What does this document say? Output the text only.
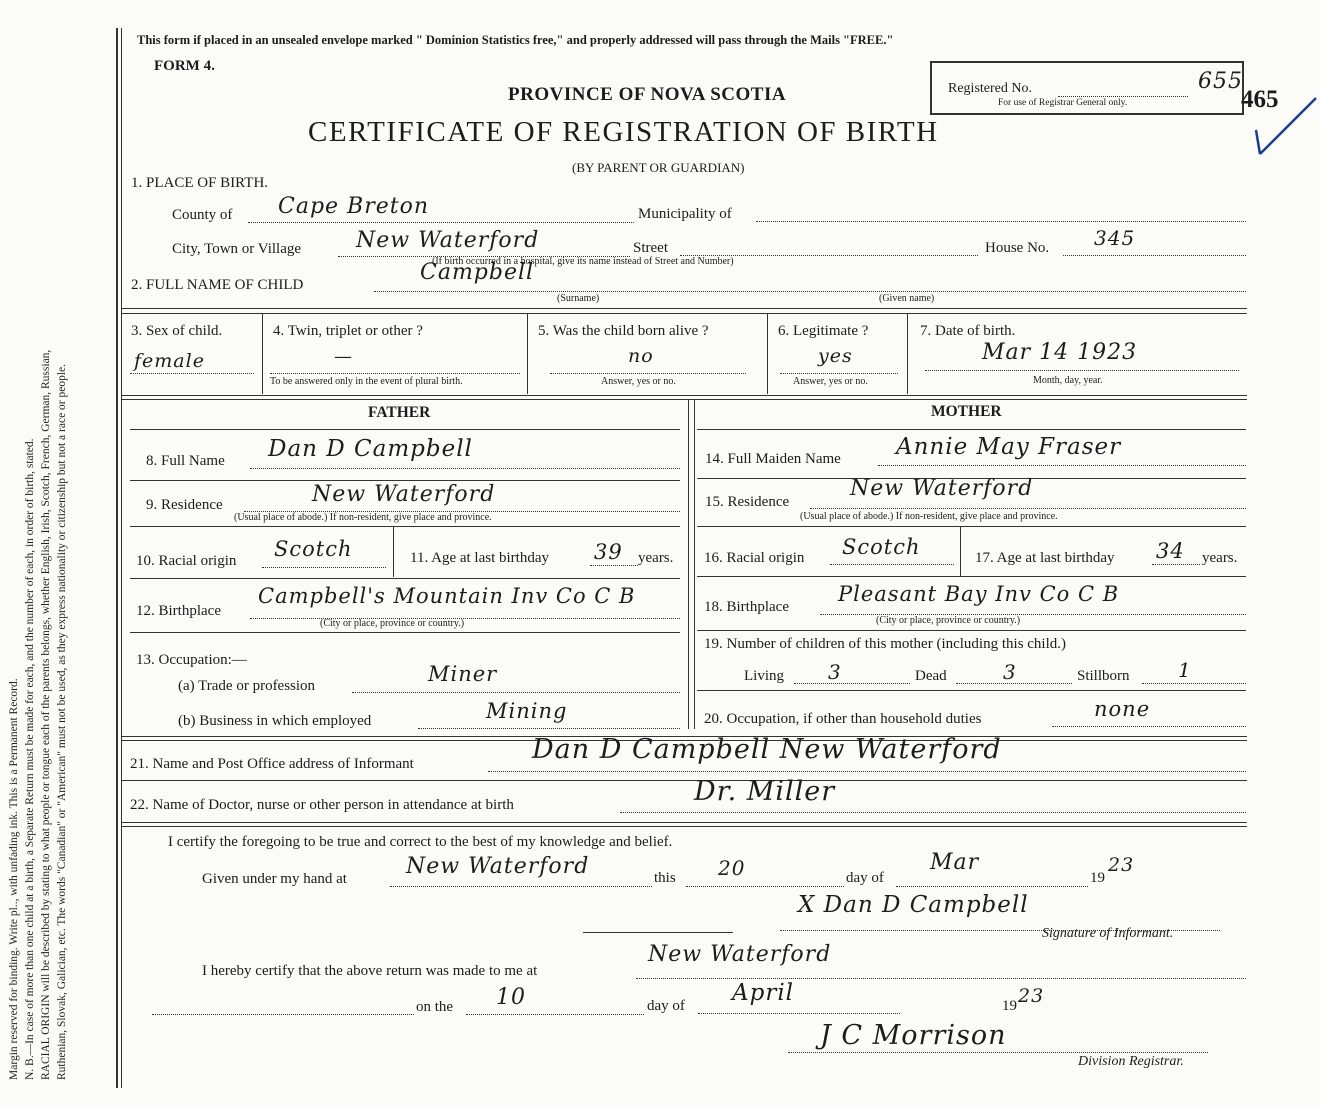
Margin reserved for binding. Write pl.., with unfading ink. This is a Permanent Record. N. B.—In case of more than one child at a birth, a Separate Return must be made for each, and the number of each, in order of birth, stated. RACIAL ORIGIN will be described by stating to what people or tongue each of the parents belongs, whether English, Irish, Scotch, French, German, Russian, Ruthenian, Slovak, Galician, etc. The words "Canadian" or "American" must not be used, as they express nationality or citizenship but not a race or people.
This form if placed in an unsealed envelope marked " Dominion Statistics free," and properly addressed will pass through the Mails "FREE."
FORM 4.
PROVINCE OF NOVA SCOTIA
CERTIFICATE OF REGISTRATION OF BIRTH
(BY PARENT OR GUARDIAN)
Registered No.
For use of Registrar General only.
655
465
1. PLACE OF BIRTH.
County of Cape Breton	Municipality of
City, Town or Village New Waterford	Street
(If birth occurred in a hospital, give its name instead of Street and Number)
House No. 345
2. FULL NAME OF CHILD	Campbell
(Surname)	(Given name)
3. Sex of child.
female
4. Twin, triplet or other ?
—
To be answered only in the event of plural birth.
5. Was the child born alive ?
no
Answer, yes or no.
6. Legitimate ?
yes
Answer, yes or no.
7. Date of birth.
Mar 14 1923
Month, day, year.
FATHER	MOTHER
8. Full Name Dan D Campbell
9. Residence	New Waterford
(Usual place of abode.) If non-resident, give place and province.
10. Racial origin Scotch	11. Age at last birthday 39 years.
12. Birthplace
Campbell's Mountain Inv Co C B
(City or place, province or country.)
13. Occupation:—
(a) Trade or profession	Miner
(b) Business in which employed	Mining
14. Full Maiden Name Annie May Fraser
15. Residence
New Waterford
(Usual place of abode.) If non-resident, give place and province.
16. Racial origin Scotch	17. Age at last birthday 34 years.
18. Birthplace
Pleasant Bay Inv Co C B
(City or place, province or country.)
19. Number of children of this mother (including this child.)
Living 3	Dead	3	Stillborn 1
20. Occupation, if other than household duties	none
21. Name and Post Office address of Informant	Dan D Campbell New Waterford
22. Name of Doctor, nurse or other person in attendance at birth	Dr. Miller
I certify the foregoing to be true and correct to the best of my knowledge and belief.
Given under my hand at	New Waterford	this 20	day of
Mar
19
23
X Dan D Campbell
Signature of Informant.
I hereby certify that the above return was made to me at
New Waterford
on the 10	day of April	19 23
J C Morrison
Division Registrar.
